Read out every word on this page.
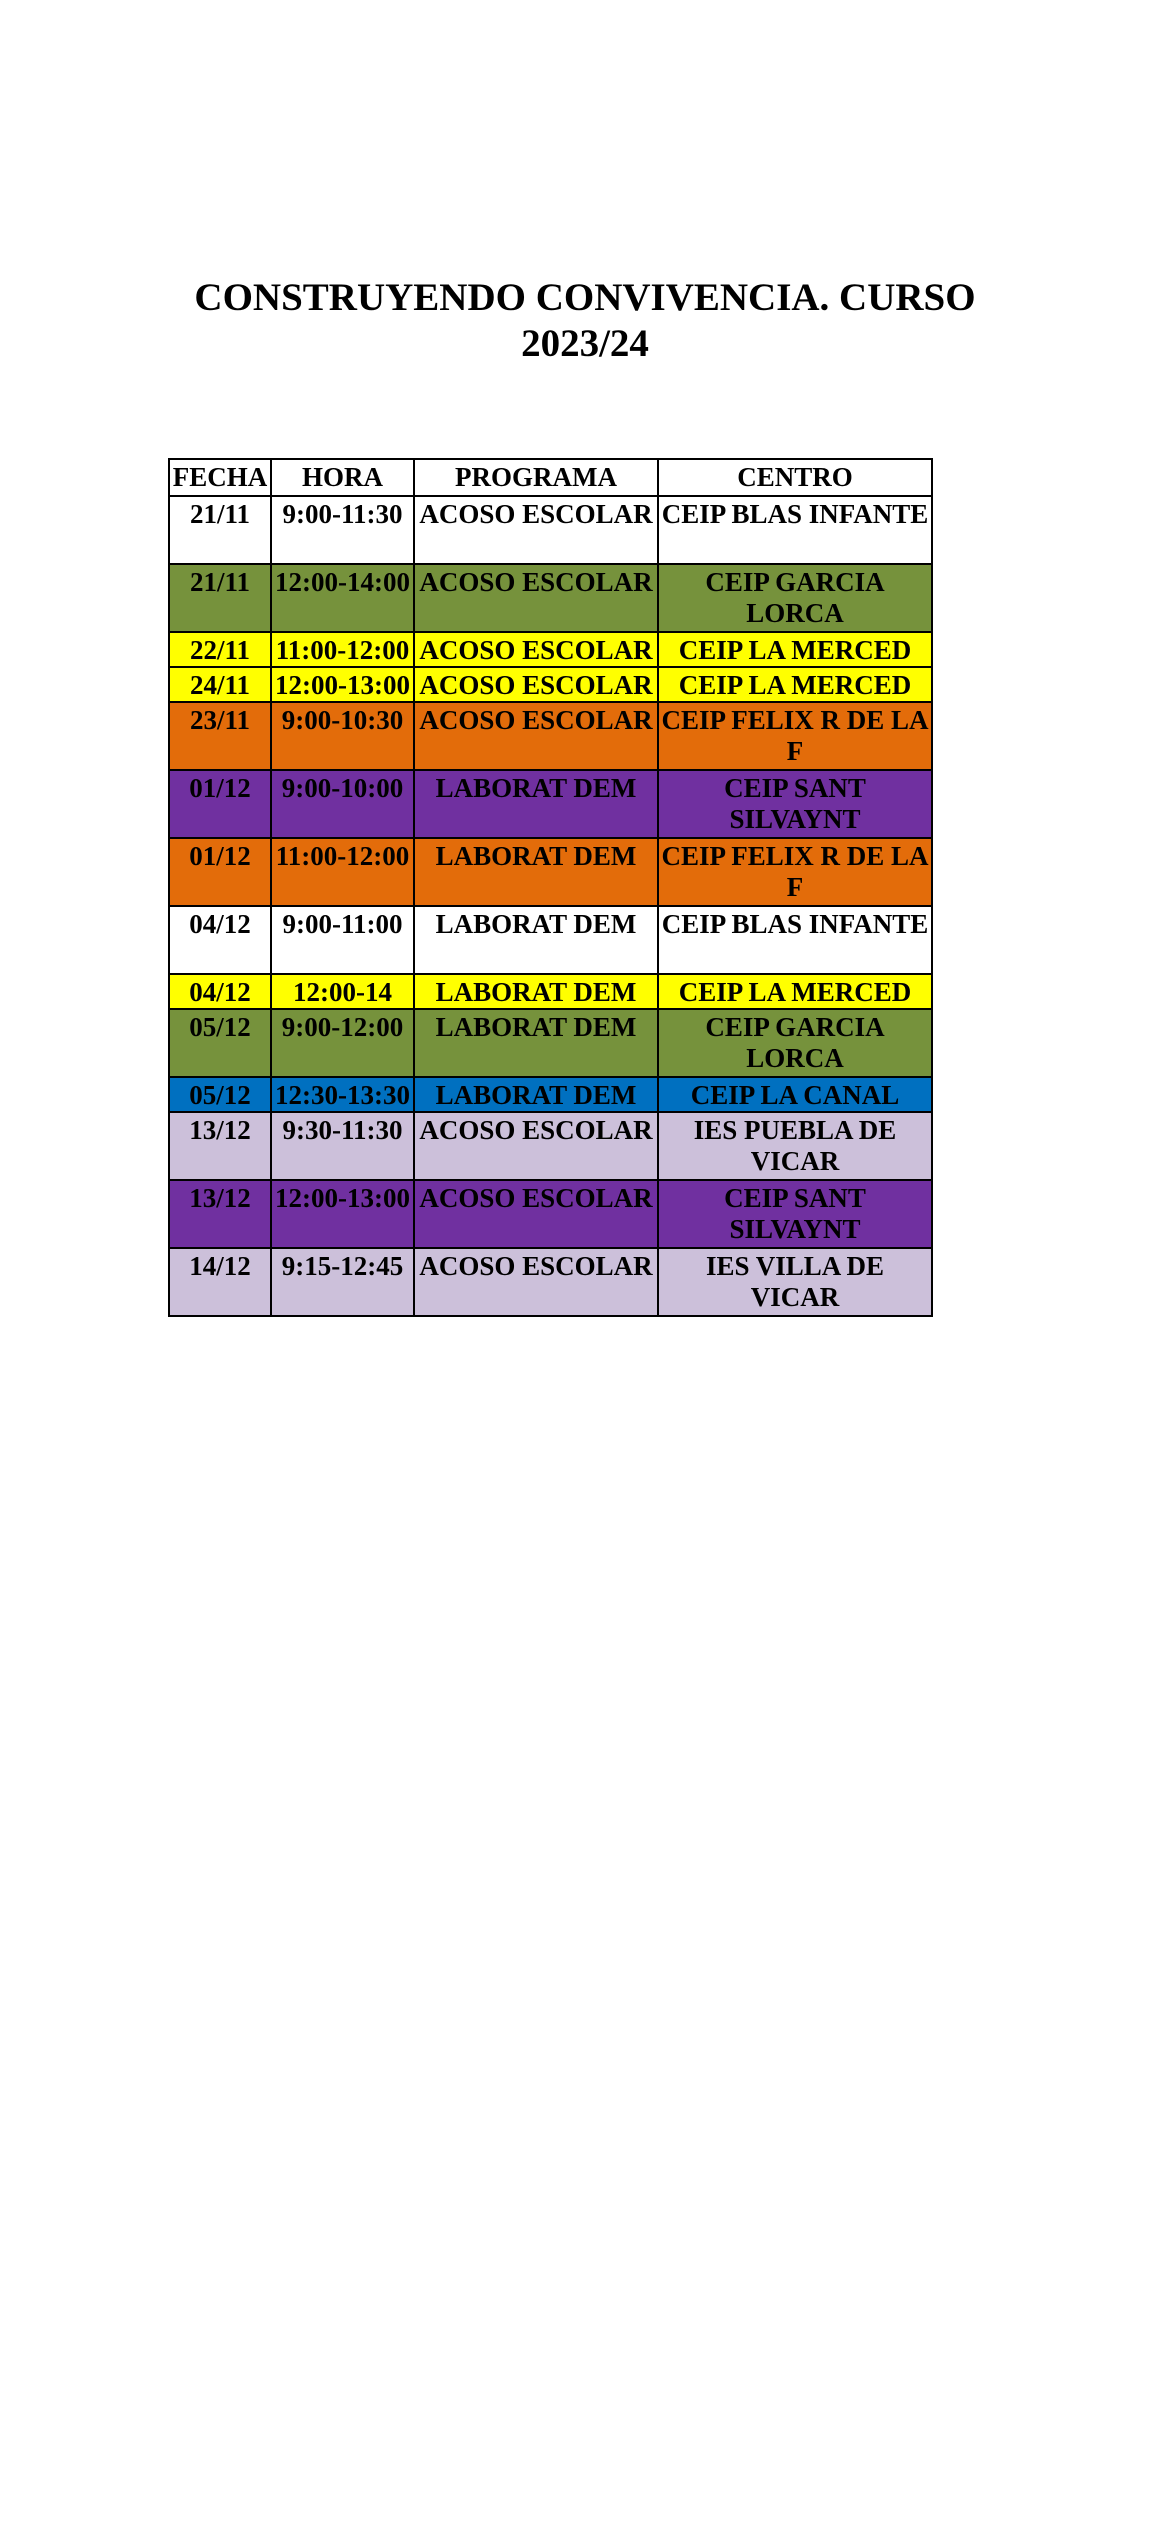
CONSTRUYENDO CONVIVENCIA. CURSO
2023/24
FECHA	HORA	PROGRAMA	CENTRO
21/11	9:00-11:30	ACOSO ESCOLAR	CEIP BLAS INFANTE
21/11	12:00-14:00	ACOSO ESCOLAR	CEIP GARCIA LORCA
22/11	11:00-12:00	ACOSO ESCOLAR	CEIP LA MERCED
24/11	12:00-13:00	ACOSO ESCOLAR	CEIP LA MERCED
23/11	9:00-10:30	ACOSO ESCOLAR	CEIP FELIX R DE LA F
01/12	9:00-10:00	LABORAT DEM	CEIP SANT SILVAYNT
01/12	11:00-12:00	LABORAT DEM	CEIP FELIX R DE LA F
04/12	9:00-11:00	LABORAT DEM	CEIP BLAS INFANTE
04/12	12:00-14	LABORAT DEM	CEIP LA MERCED
05/12	9:00-12:00	LABORAT DEM	CEIP GARCIA LORCA
05/12	12:30-13:30	LABORAT DEM	CEIP LA CANAL
13/12	9:30-11:30	ACOSO ESCOLAR	IES PUEBLA DE VICAR
13/12	12:00-13:00	ACOSO ESCOLAR	CEIP SANT SILVAYNT
14/12	9:15-12:45	ACOSO ESCOLAR	IES VILLA DE VICAR
